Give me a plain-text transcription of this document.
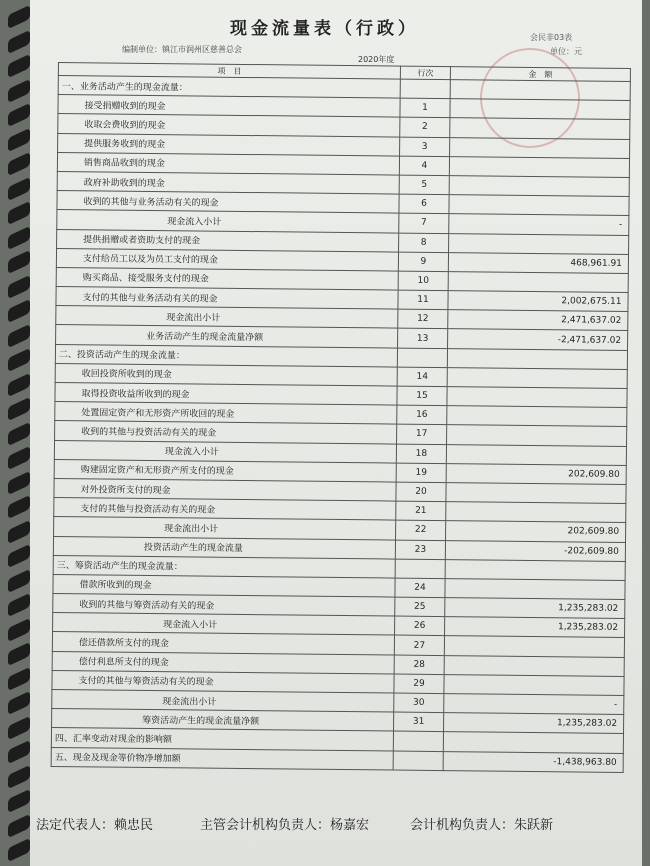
现金流量表（行政）	会民非03表
单位：元
编制单位：镇江市润州区慈善总会
2020年度
项　目	行次	金　额
一、业务活动产生的现金流量：		
接受捐赠收到的现金	1	
收取会费收到的现金	2	
提供服务收到的现金	3	
销售商品收到的现金	4	
政府补助收到的现金	5	
收到的其他与业务活动有关的现金	6	
现金流入小计	7	-
提供捐赠或者资助支付的现金	8	
支付给员工以及为员工支付的现金	9	468,961.91
购买商品、接受服务支付的现金	10	
支付的其他与业务活动有关的现金	11	2,002,675.11
现金流出小计	12	2,471,637.02
业务活动产生的现金流量净额	13	-2,471,637.02
二、投资活动产生的现金流量：		
收回投资所收到的现金	14	
取得投资收益所收到的现金	15	
处置固定资产和无形资产所收回的现金	16	
收到的其他与投资活动有关的现金	17	
现金流入小计	18	
购建固定资产和无形资产所支付的现金	19	202,609.80
对外投资所支付的现金	20	
支付的其他与投资活动有关的现金	21	
现金流出小计	22	202,609.80
投资活动产生的现金流量	23	-202,609.80
三、筹资活动产生的现金流量：		
借款所收到的现金	24	
收到的其他与筹资活动有关的现金	25	1,235,283.02
现金流入小计	26	1,235,283.02
偿还借款所支付的现金	27	
偿付利息所支付的现金	28	
支付的其他与筹资活动有关的现金	29	
现金流出小计	30	-
筹资活动产生的现金流量净额	31	1,235,283.02
四、汇率变动对现金的影响额		
五、现金及现金等价物净增加额		-1,438,963.80
法定代表人：赖忠民	主管会计机构负责人：杨嘉宏	会计机构负责人：朱跃新
